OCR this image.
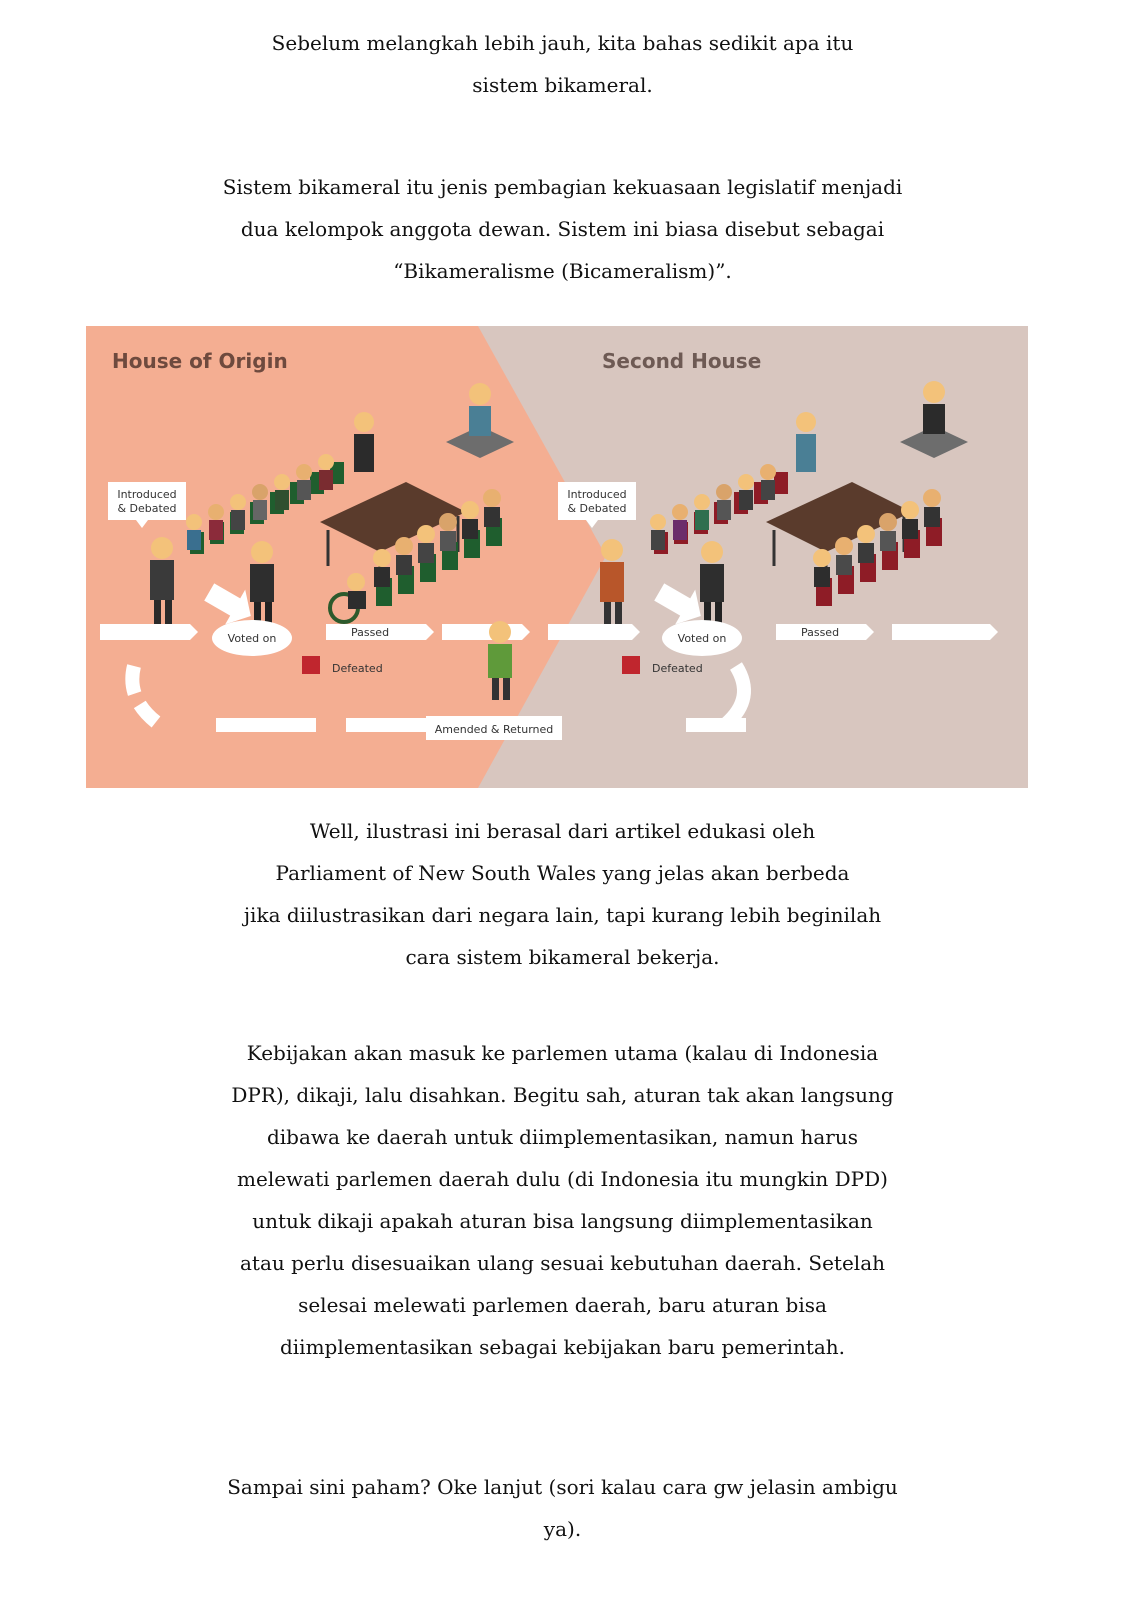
Sebelum melangkah lebih jauh, kita bahas sedikit apa itu
sistem bikameral.
Sistem bikameral itu jenis pembagian kekuasaan legislatif menjadi
dua kelompok anggota dewan. Sistem ini biasa disebut sebagai
“Bikameralisme (Bicameralism)”.
House of Origin	Second House
Introduced
& Debated
Introduced
& Debated
Voted on	Voted on
Passed	Passed
Defeated	Defeated
Amended & Returned
Well, ilustrasi ini berasal dari artikel edukasi oleh
Parliament of New South Wales yang jelas akan berbeda
jika diilustrasikan dari negara lain, tapi kurang lebih beginilah
cara sistem bikameral bekerja.
Kebijakan akan masuk ke parlemen utama (kalau di Indonesia
DPR), dikaji, lalu disahkan. Begitu sah, aturan tak akan langsung
dibawa ke daerah untuk diimplementasikan, namun harus
melewati parlemen daerah dulu (di Indonesia itu mungkin DPD)
untuk dikaji apakah aturan bisa langsung diimplementasikan
atau perlu disesuaikan ulang sesuai kebutuhan daerah. Setelah
selesai melewati parlemen daerah, baru aturan bisa
diimplementasikan sebagai kebijakan baru pemerintah.
Sampai sini paham? Oke lanjut (sori kalau cara gw jelasin ambigu
ya).
